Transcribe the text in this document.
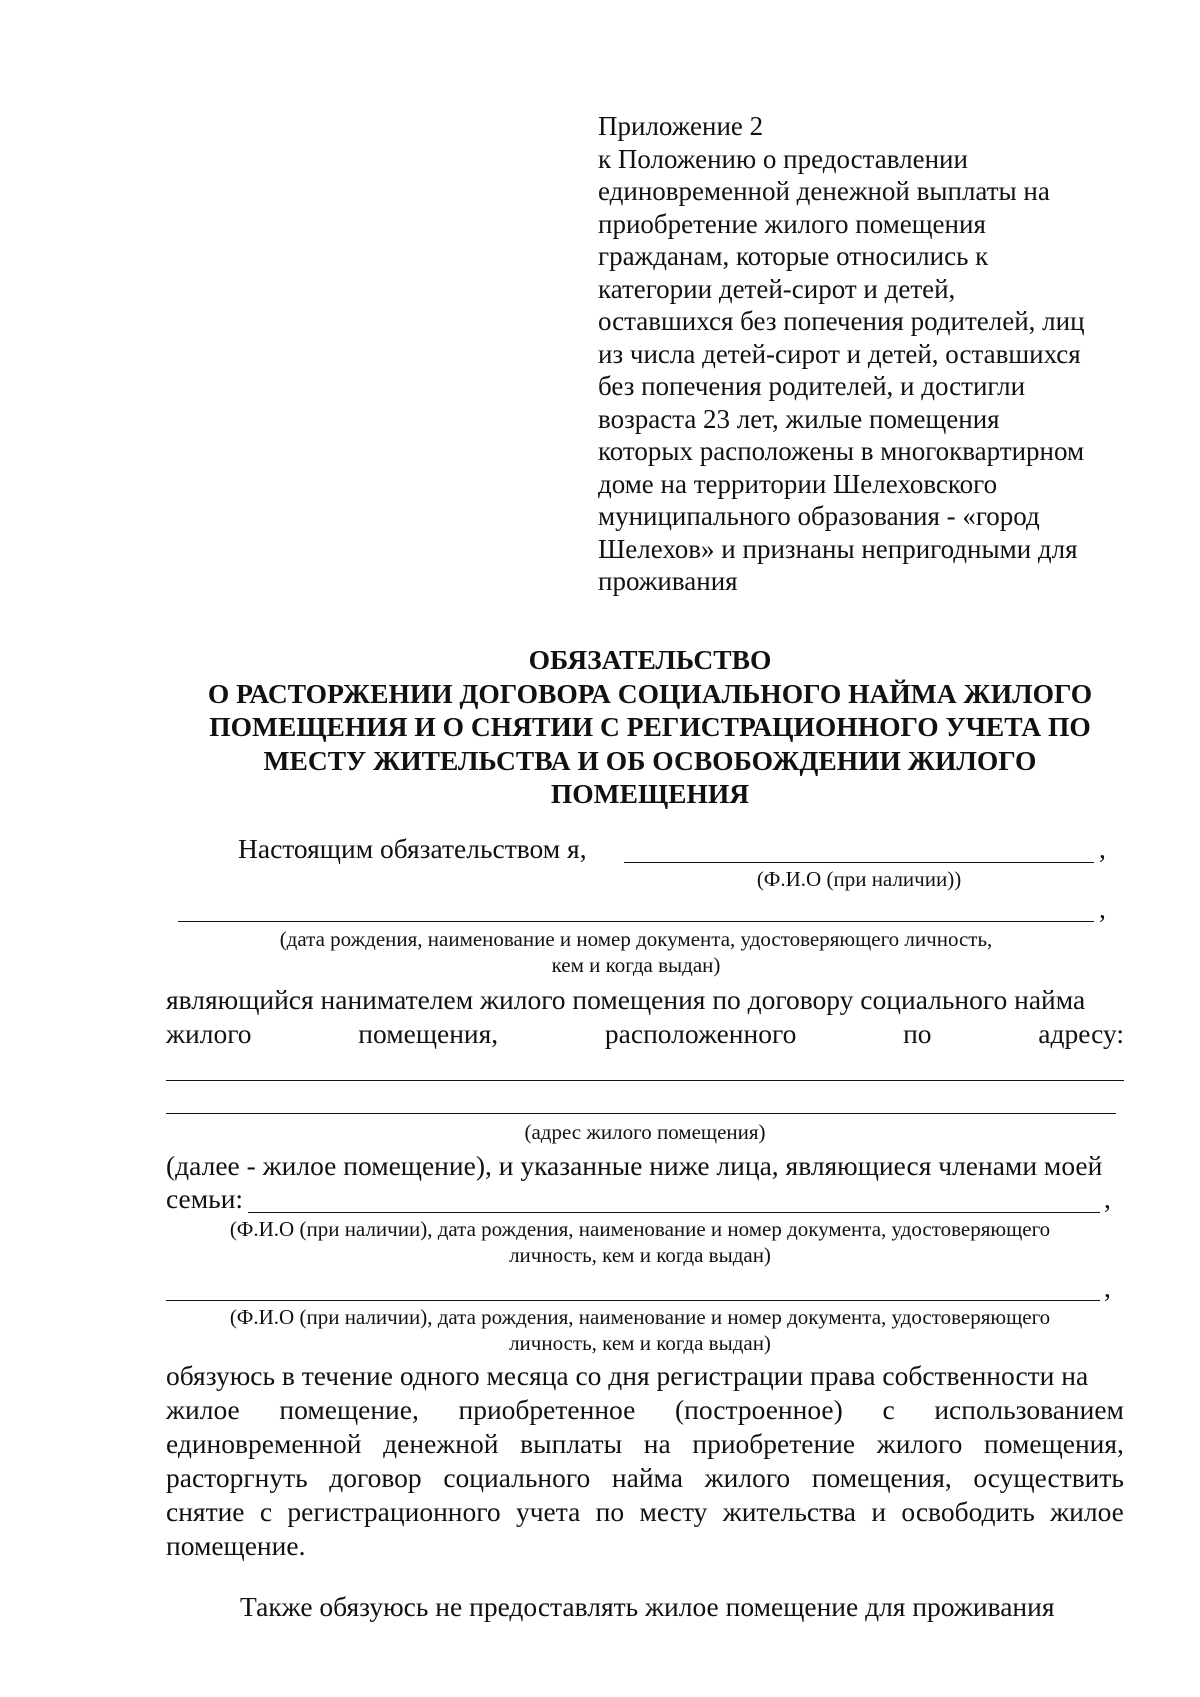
Приложение 2
к Положению о предоставлении
единовременной денежной выплаты на
приобретение жилого помещения
гражданам, которые относились к
категории детей-сирот и детей,
оставшихся без попечения родителей, лиц
из числа детей-сирот и детей, оставшихся
без попечения родителей, и достигли
возраста 23 лет, жилые помещения
которых расположены в многоквартирном
доме на территории Шелеховского
муниципального образования - «город
Шелехов» и признаны непригодными для
проживания
ОБЯЗАТЕЛЬСТВО
О РАСТОРЖЕНИИ ДОГОВОРА СОЦИАЛЬНОГО НАЙМА ЖИЛОГО
ПОМЕЩЕНИЯ И О СНЯТИИ С РЕГИСТРАЦИОННОГО УЧЕТА ПО
МЕСТУ ЖИТЕЛЬСТВА И ОБ ОСВОБОЖДЕНИИ ЖИЛОГО
ПОМЕЩЕНИЯ
Настоящим обязательством я,	,
(Ф.И.О (при наличии))
,
(дата рождения, наименование и номер документа, удостоверяющего личность,
кем и когда выдан)
являющийся нанимателем жилого помещения по договору социального найма
жилого	помещения,	расположенного	по	адресу:
(адрес жилого помещения)
(далее - жилое помещение), и указанные ниже лица, являющиеся членами моей
семьи:	,
(Ф.И.О (при наличии), дата рождения, наименование и номер документа, удостоверяющего
личность, кем и когда выдан)
,
(Ф.И.О (при наличии), дата рождения, наименование и номер документа, удостоверяющего
личность, кем и когда выдан)
обязуюсь в течение одного месяца со дня регистрации права собственности на
жилое помещение, приобретенное (построенное) с использованием
единовременной денежной выплаты на приобретение жилого помещения,
расторгнуть договор социального найма жилого помещения, осуществить
снятие с регистрационного учета по месту жительства и освободить жилое
помещение.
Также обязуюсь не предоставлять жилое помещение для проживания
